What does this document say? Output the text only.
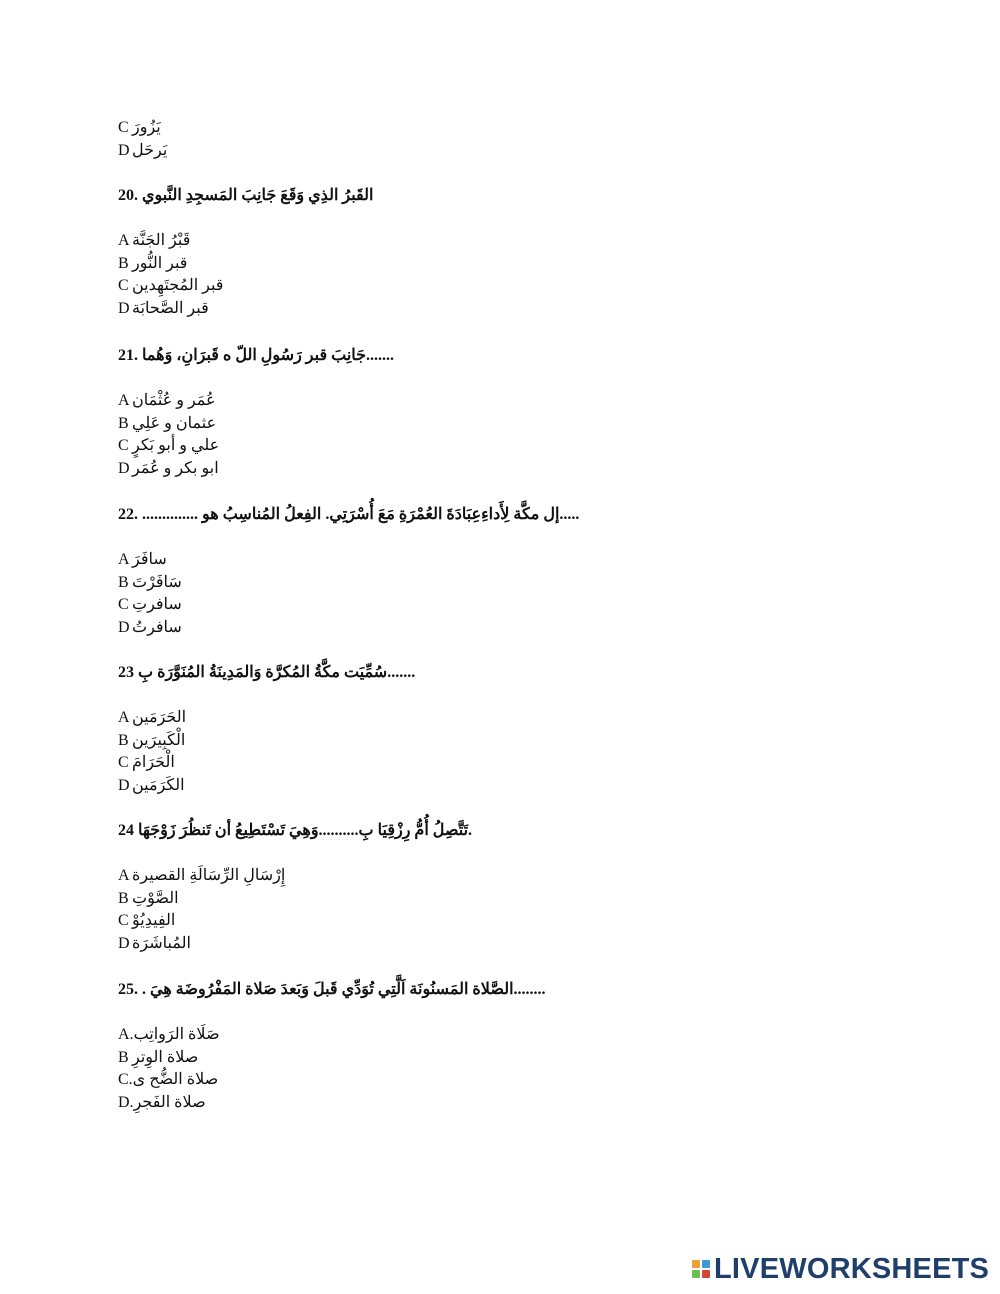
C يَزُورَ
D يَرحَل
20. القَبرُ الذِي وَقَعَ جَانِبَ المَسجِدِ النَّبوي
A قَبْرُ الجَنَّة
B قبر النُّور
C قبر المُجتَهِدين
D قبر الصَّحابَة
21. .......جَانِبَ قبر رَسُولِ اللّ ه قَبرَانِ، وَهُما
A عُمَر و عُثْمَان
B عثمان و عَلِي
C علي و أبو بَكرٍ
D ابو بكر و عُمَر
22. .............. .....إل مكَّة لِأَداءِعِبَادَةَ العُمْرَةِ مَعَ أُسْرَتِي. الفِعلُ المُناسِبُ هو
A سافَرَ
B سَافَرْتَ
C سافرتِ
D سافرتُ
23 .......سُمِّيَت مكَّةُ المُكرَّة وَالمَدِينَةُ المُنَوَّرَة بِ
A الحَرَمَين
B الْكَبِيرَين
C الْحَرَامَ
D الكَرَمَين
24 .تَتَّصِلُ أُمُّ رِزْقِيَا بِ..........وَهِيَ تَسْتَطِيعُ أن تَنظُرَ زَوْجَهَا
A إِرْسَالِ الرِّسَالَةِ القصيرة
B الصَّوْتِ
C الفِيدِيُوْ
D المُباشَرَة
25. . ........الصَّلاة المَسنُونَة اَلَّتِي تُوَدِّي قَبلَ وَبَعدَ صَلاة المَفْرُوضَة هِيَ
A. صَلَاة الرَواتِب
B صلاة الوِترِ
C. صلاة الضُّح ى
D. صلاة الفَجرِ
LIVEWORKSHEETS
